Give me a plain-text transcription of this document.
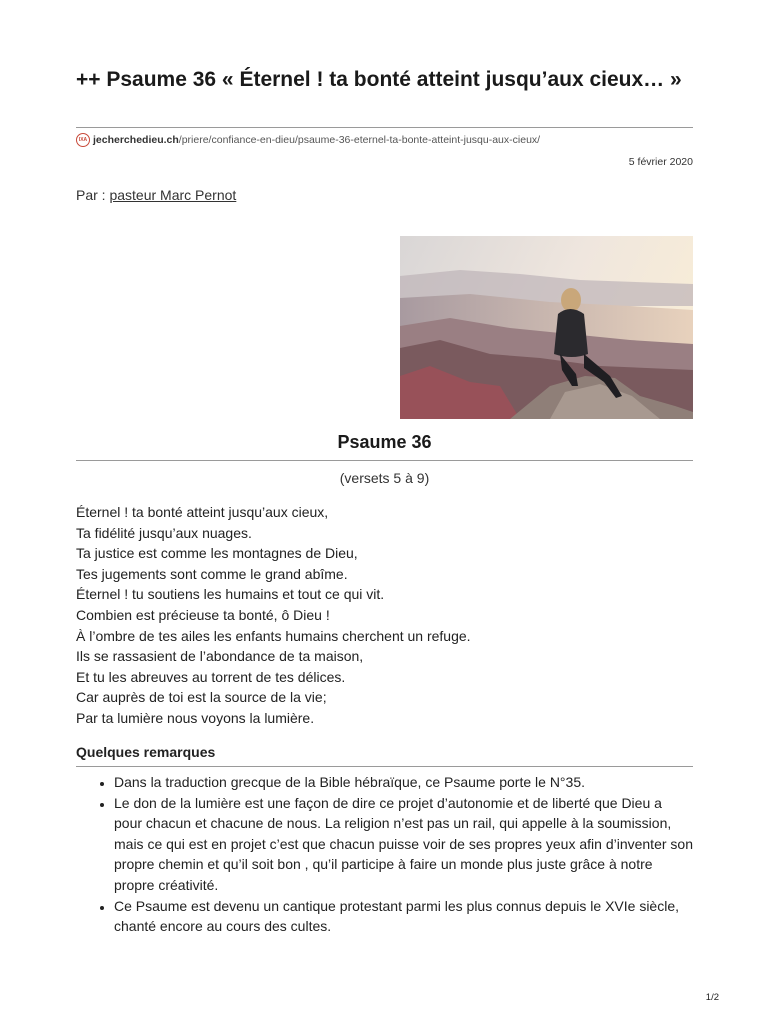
++ Psaume 36 « Éternel ! ta bonté atteint jusqu’aux cieux… »
IXA jecherchedieu.ch /priere/confiance-en-dieu/psaume-36-eternel-ta-bonte-atteint-jusqu-aux-cieux/
5 février 2020
Par : pasteur Marc Pernot
Psaume 36
(versets 5 à 9)
Éternel ! ta bonté atteint jusqu’aux cieux,
Ta fidélité jusqu’aux nuages.
Ta justice est comme les montagnes de Dieu,
Tes jugements sont comme le grand abîme.
Éternel ! tu soutiens les humains et tout ce qui vit.
Combien est précieuse ta bonté, ô Dieu !
À l’ombre de tes ailes les enfants humains cherchent un refuge.
Ils se rassasient de l’abondance de ta maison,
Et tu les abreuves au torrent de tes délices.
Car auprès de toi est la source de la vie;
Par ta lumière nous voyons la lumière.
Quelques remarques
• Dans la traduction grecque de la Bible hébraïque, ce Psaume porte le N°35.
• Le don de la lumière est une façon de dire ce projet d’autonomie et de liberté que Dieu a pour chacun et chacune de nous. La religion n’est pas un rail, qui appelle à la soumission, mais ce qui est en projet c’est que chacun puisse voir de ses propres yeux afin d’inventer son propre chemin et qu’il soit bon , qu’il participe à faire un monde plus juste grâce à notre propre créativité.
• Ce Psaume est devenu un cantique protestant parmi les plus connus depuis le XVIe siècle, chanté encore au cours des cultes.
1/2
